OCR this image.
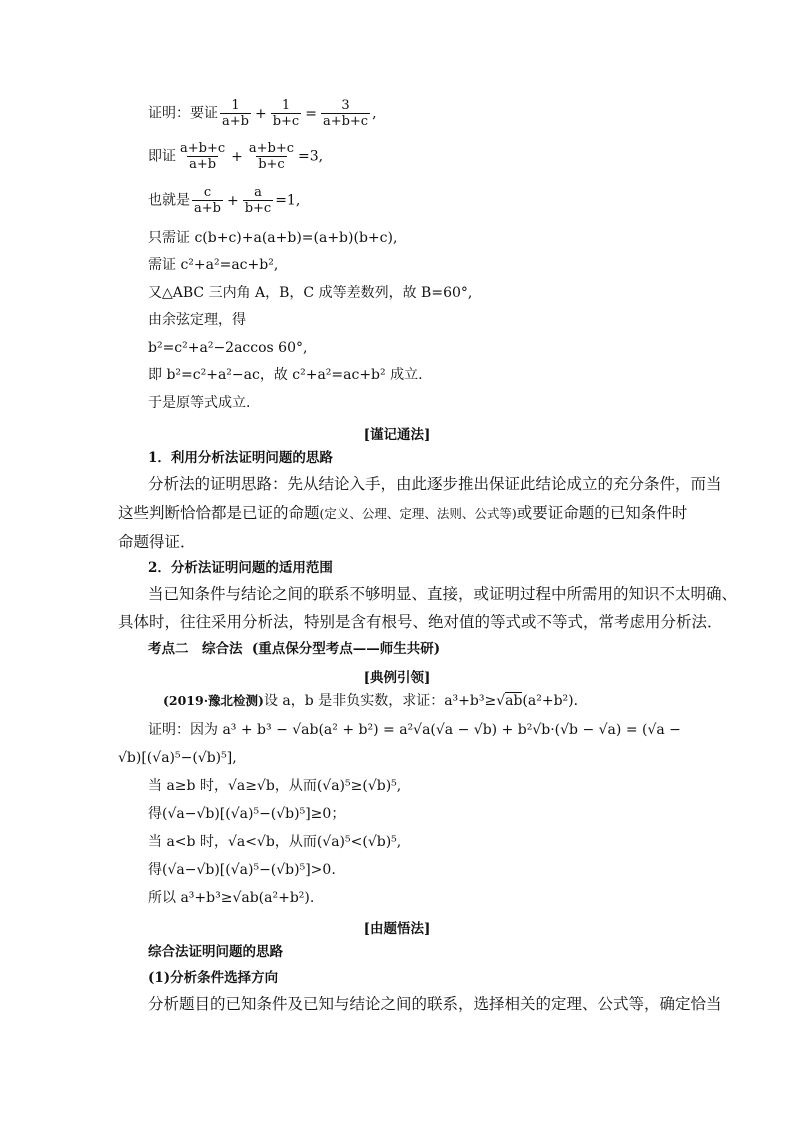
证明：要证 $\frac{1}{a+b} + \frac{1}{b+c} = \frac{3}{a+b+c}$ ,
即证 $\frac{a+b+c}{a+b} + \frac{a+b+c}{b+c} =3$,
也就是 $\frac{c}{a+b} + \frac{a}{b+c} =1$,
只需证 c(b+c)+a(a+b)=(a+b)(b+c),
需证 c²+a²=ac+b²,
又△ABC 三内角 A，B，C 成等差数列，故 B=60°,
由余弦定理，得
b²=c²+a²−2accos 60°,
即 b²=c²+a²−ac，故 c²+a²=ac+b² 成立.
于是原等式成立.
[谨记通法]
1．利用分析法证明问题的思路
分析法的证明思路：先从结论入手，由此逐步推出保证此结论成立的充分条件，而当
这些判断恰恰都是已证的命题(定义、公理、定理、法则、公式等)或要证命题的已知条件时
命题得证．
2．分析法证明问题的适用范围
当已知条件与结论之间的联系不够明显、直接，或证明过程中所需用的知识不太明确、
具体时，往往采用分析法，特别是含有根号、绝对值的等式或不等式，常考虑用分析法．
考点二　综合法 (重点保分型考点——师生共研)
[典例引领]
(2019·豫北检测)设 a，b 是非负实数，求证：a³+b³≥√ab(a²+b²)．
证明：因为 a³ + b³ − √ab(a² + b²) = a²√a(√a − √b) + b²√b·(√b − √a) = (√a −
√b)[(√a)⁵−(√b)⁵],
当 a≥b 时，√a≥√b，从而(√a)⁵≥(√b)⁵,
得(√a−√b)[(√a)⁵−(√b)⁵]≥0；
当 a<b 时，√a<√b，从而(√a)⁵<(√b)⁵,
得(√a−√b)[(√a)⁵−(√b)⁵]>0.
所以 a³+b³≥√ab(a²+b²).
[由题悟法]
综合法证明问题的思路
(1)分析条件选择方向
分析题目的已知条件及已知与结论之间的联系，选择相关的定理、公式等，确定恰当
